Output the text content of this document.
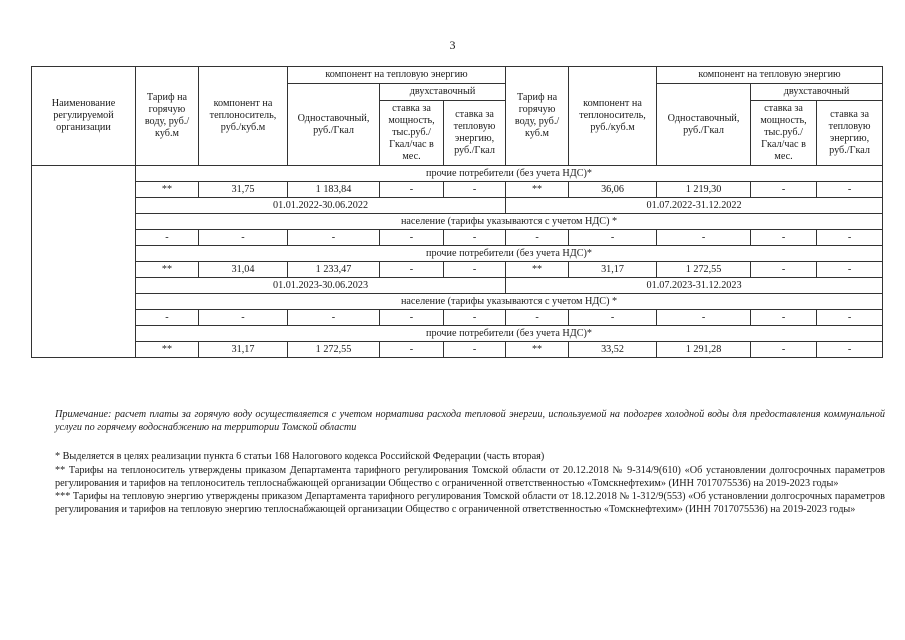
3
Наименование регулируемой организации	Тариф на горячую воду, руб./куб.м	компонент на теплоноситель, руб./куб.м	компонент на тепловую энергию			Тариф на горячую воду, руб./куб.м	компонент на теплоноситель, руб./куб.м	компонент на тепловую энергию		
			Одноставочный, руб./Гкал	двухставочный				Одноставочный, руб./Гкал	двухставочный	
				ставка за мощность, тыс.руб./ Гкал/час в мес.	ставка за тепловую энергию, руб./Гкал				ставка за мощность, тыс.руб./ Гкал/час в мес.	ставка за тепловую энергию, руб./Гкал
	прочие потребители (без учета НДС)*									
	**	31,75	1 183,84	-	-	**	36,06	1 219,30	-	-
	01.01.2022-30.06.2022					01.07.2022-31.12.2022				
	население (тарифы указываются с учетом НДС) *									
	-	-	-	-	-	-	-	-	-	-
	прочие потребители (без учета НДС)*									
	**	31,04	1 233,47	-	-	**	31,17	1 272,55	-	-
	01.01.2023-30.06.2023					01.07.2023-31.12.2023				
	население (тарифы указываются с учетом НДС) *									
	-	-	-	-	-	-	-	-	-	-
	прочие потребители (без учета НДС)*									
	**	31,17	1 272,55	-	-	**	33,52	1 291,28	-	-

Примечание: расчет платы за горячую воду осуществляется с учетом норматива расхода тепловой энергии, используемой на подогрев холодной воды для предоставления коммунальной услуги по горячему водоснабжению на территории Томской области

* Выделяется в целях реализации пункта 6 статьи 168 Налогового кодекса Российской Федерации (часть вторая)

** Тарифы на теплоноситель утверждены приказом Департамента тарифного регулирования Томской области от 20.12.2018 № 9-314/9(610) «Об установлении долгосрочных параметров регулирования и тарифов на теплоноситель теплоснабжающей организации Общество с ограниченной ответственностью «Томскнефтехим» (ИНН 7017075536) на 2019-2023 годы»

*** Тарифы на тепловую энергию утверждены приказом Департамента тарифного регулирования Томской области от 18.12.2018 № 1-312/9(553) «Об установлении долгосрочных параметров регулирования и тарифов на тепловую энергию теплоснабжающей организации Общество с ограниченной ответственностью «Томскнефтехим» (ИНН 7017075536) на 2019-2023 годы»
